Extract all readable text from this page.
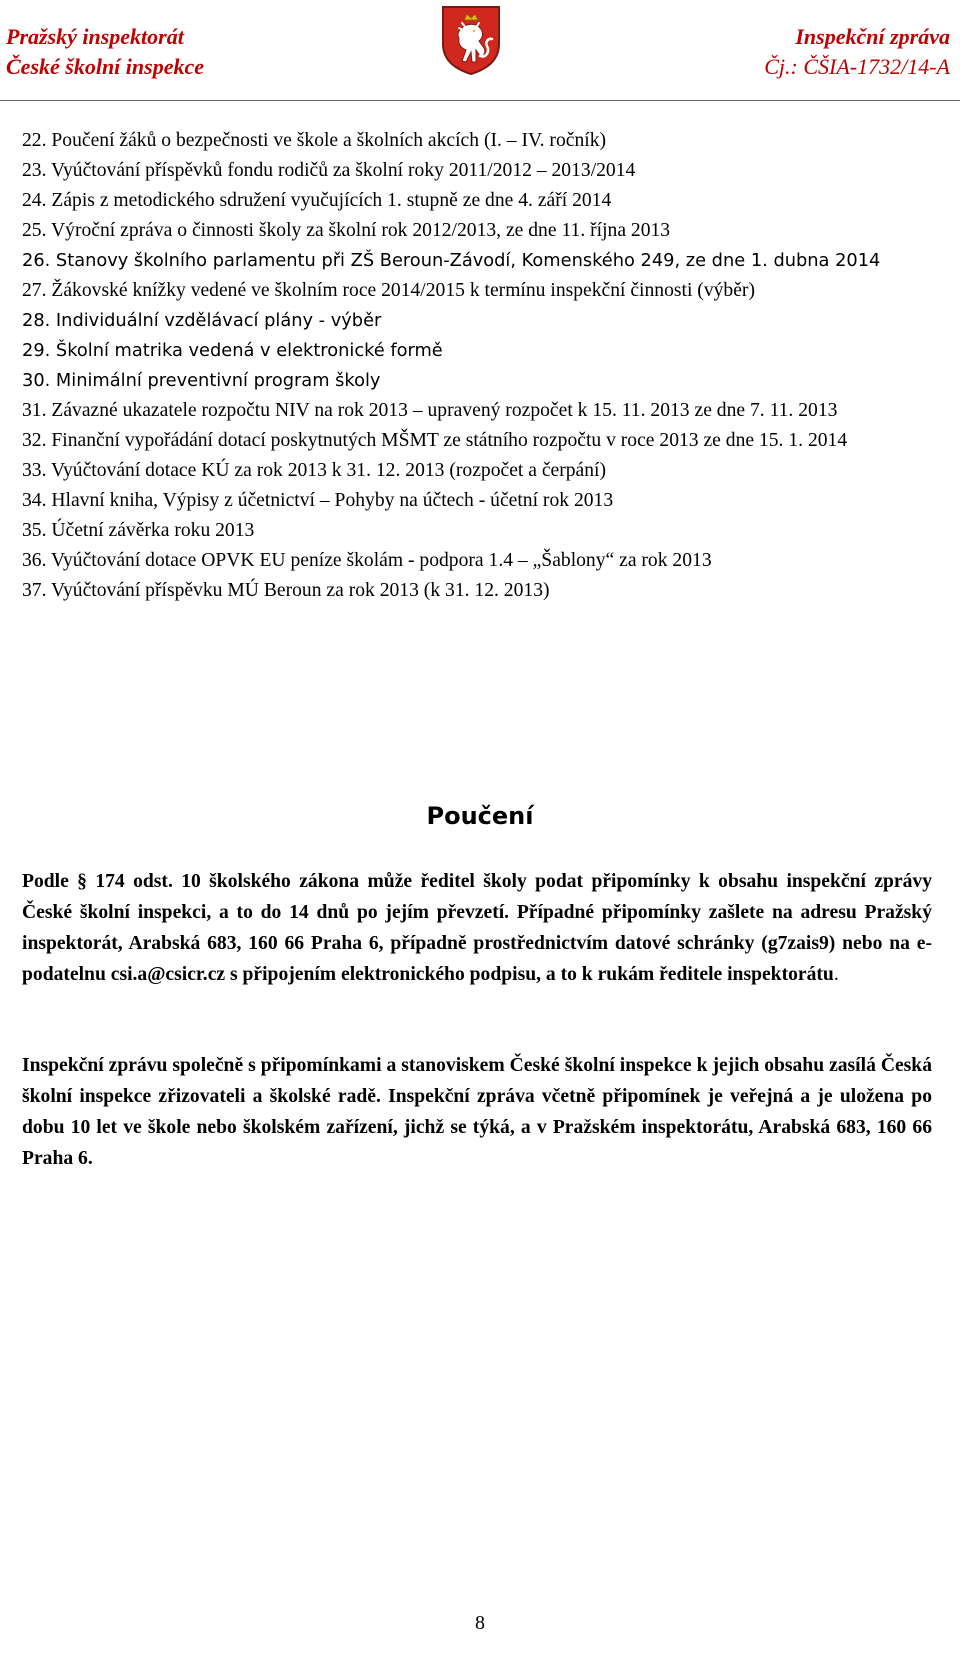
Pražský inspektorát
České školní inspekce
Inspekční zpráva
Čj.: ČŠIA-1732/14-A
22. Poučení žáků o bezpečnosti ve škole a školních akcích (I. – IV. ročník)
23. Vyúčtování příspěvků fondu rodičů za školní roky 2011/2012 – 2013/2014
24. Zápis z metodického sdružení vyučujících 1. stupně ze dne 4. září 2014
25. Výroční zpráva o činnosti školy za školní rok 2012/2013, ze dne 11. října 2013
26. Stanovy školního parlamentu při ZŠ Beroun-Závodí, Komenského 249, ze dne 1. dubna 2014
27. Žákovské knížky vedené ve školním roce 2014/2015 k termínu inspekční činnosti (výběr)
28. Individuální vzdělávací plány - výběr
29. Školní matrika vedená v elektronické formě
30. Minimální preventivní program školy
31. Závazné ukazatele rozpočtu NIV na rok 2013 – upravený rozpočet k 15. 11. 2013 ze dne 7. 11. 2013
32. Finanční vypořádání dotací poskytnutých MŠMT ze státního rozpočtu v roce 2013 ze dne 15. 1. 2014
33. Vyúčtování dotace KÚ za rok 2013 k 31. 12. 2013 (rozpočet a čerpání)
34. Hlavní kniha, Výpisy z účetnictví – Pohyby na účtech - účetní rok 2013
35. Účetní závěrka roku 2013
36. Vyúčtování dotace OPVK EU peníze školám - podpora 1.4 – „Šablony“ za rok 2013
37. Vyúčtování příspěvku MÚ Beroun za rok 2013 (k 31. 12. 2013)
Poučení

Podle § 174 odst. 10 školského zákona může ředitel školy podat připomínky k obsahu inspekční zprávy České školní inspekci, a to do 14 dnů po jejím převzetí. Případné připomínky zašlete na adresu Pražský inspektorát, Arabská 683, 160 66 Praha 6, případně prostřednictvím datové schránky (g7zais9) nebo na e-podatelnu csi.a@csicr.cz s připojením elektronického podpisu, a to k rukám ředitele inspektorátu.

Inspekční zprávu společně s připomínkami a stanoviskem České školní inspekce k jejich obsahu zasílá Česká školní inspekce zřizovateli a školské radě. Inspekční zpráva včetně připomínek je veřejná a je uložena po dobu 10 let ve škole nebo školském zařízení, jichž se týká, a v Pražském inspektorátu, Arabská 683, 160 66 Praha 6.

8
